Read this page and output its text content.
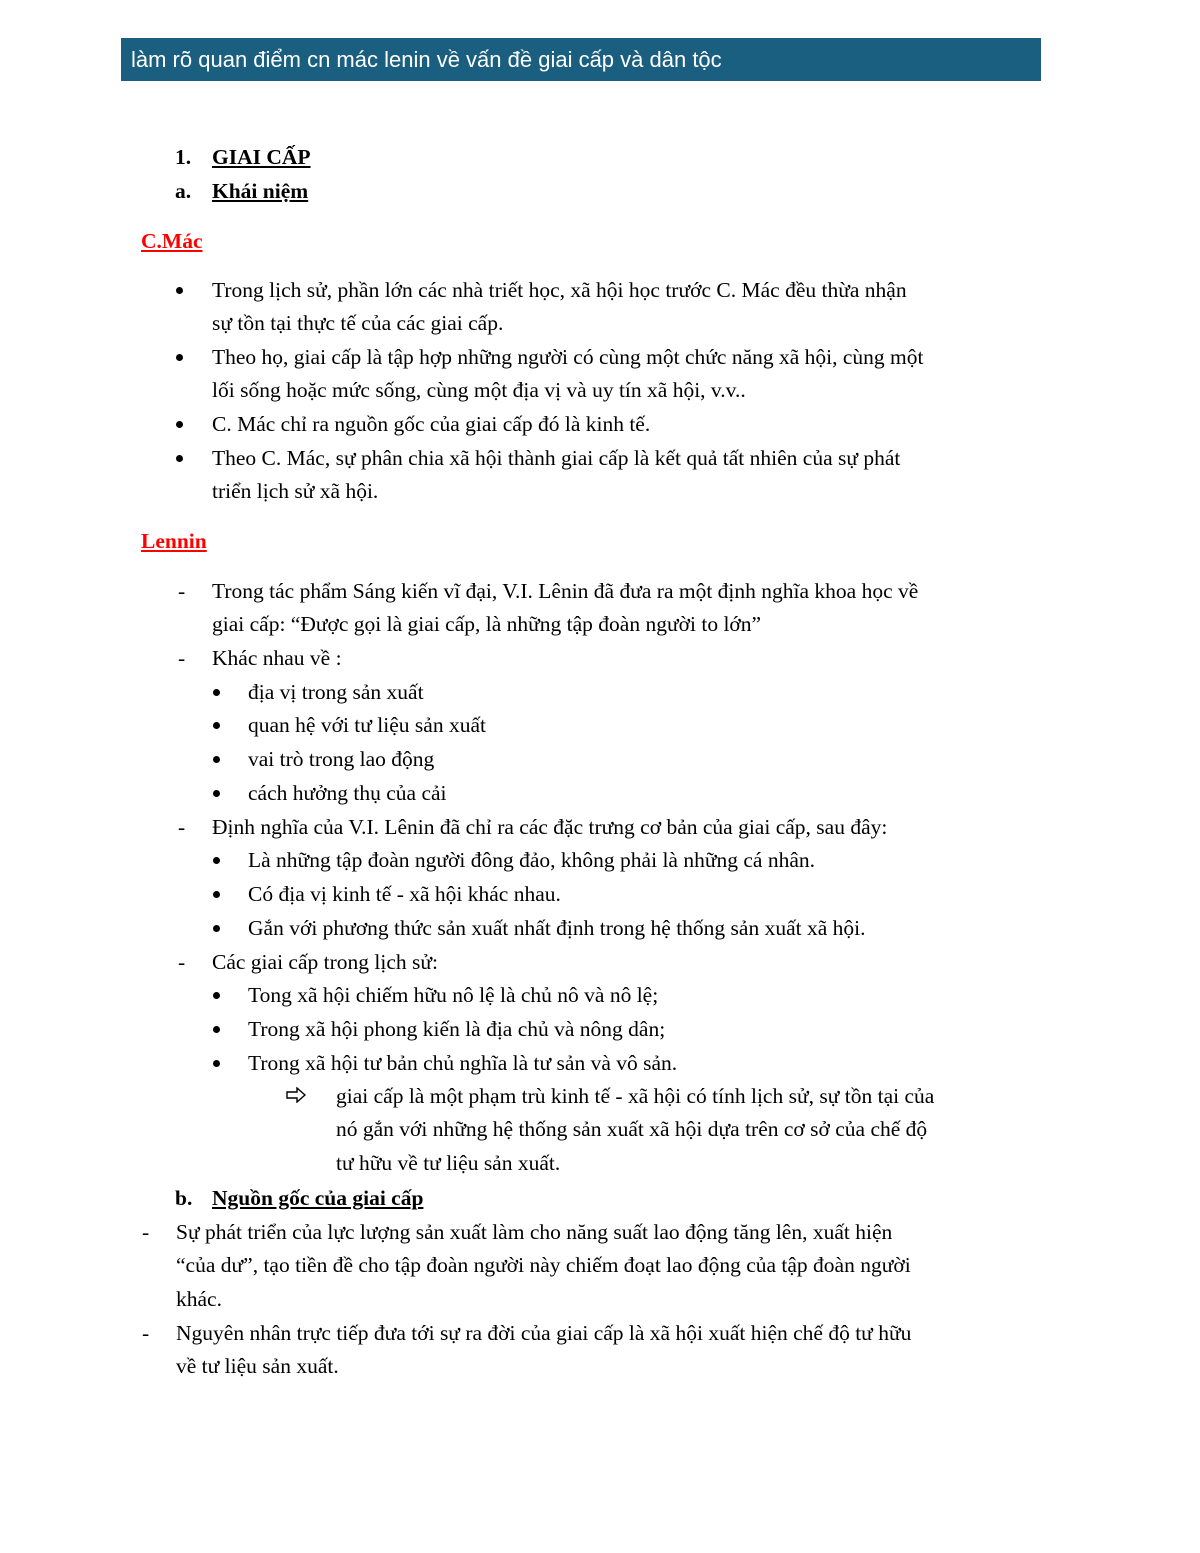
làm rõ quan điểm cn mác lenin về vấn đề giai cấp và dân tộc
1. GIAI CẤP
a. Khái niệm
C.Mác
Trong lịch sử, phần lớn các nhà triết học, xã hội học trước C. Mác đều thừa nhận
sự tồn tại thực tế của các giai cấp.
Theo họ, giai cấp là tập hợp những người có cùng một chức năng xã hội, cùng một
lối sống hoặc mức sống, cùng một địa vị và uy tín xã hội, v.v..
C. Mác chỉ ra nguồn gốc của giai cấp đó là kinh tế.
Theo C. Mác, sự phân chia xã hội thành giai cấp là kết quả tất nhiên của sự phát
triển lịch sử xã hội.
Lennin
- Trong tác phẩm Sáng kiến vĩ đại, V.I. Lênin đã đưa ra một định nghĩa khoa học về
giai cấp: “Được gọi là giai cấp, là những tập đoàn người to lớn”
- Khác nhau về :
địa vị trong sản xuất
quan hệ với tư liệu sản xuất
vai trò trong lao động
cách hưởng thụ của cải
- Định nghĩa của V.I. Lênin đã chỉ ra các đặc trưng cơ bản của giai cấp, sau đây:
Là những tập đoàn người đông đảo, không phải là những cá nhân.
Có địa vị kinh tế - xã hội khác nhau.
Gắn với phương thức sản xuất nhất định trong hệ thống sản xuất xã hội.
- Các giai cấp trong lịch sử:
Tong xã hội chiếm hữu nô lệ là chủ nô và nô lệ;
Trong xã hội phong kiến là địa chủ và nông dân;
Trong xã hội tư bản chủ nghĩa là tư sản và vô sản.
giai cấp là một phạm trù kinh tế - xã hội có tính lịch sử, sự tồn tại của
nó gắn với những hệ thống sản xuất xã hội dựa trên cơ sở của chế độ
tư hữu về tư liệu sản xuất.
b. Nguồn gốc của giai cấp
- Sự phát triển của lực lượng sản xuất làm cho năng suất lao động tăng lên, xuất hiện
“của dư”, tạo tiền đề cho tập đoàn người này chiếm đoạt lao động của tập đoàn người
khác.
- Nguyên nhân trực tiếp đưa tới sự ra đời của giai cấp là xã hội xuất hiện chế độ tư hữu
về tư liệu sản xuất.
